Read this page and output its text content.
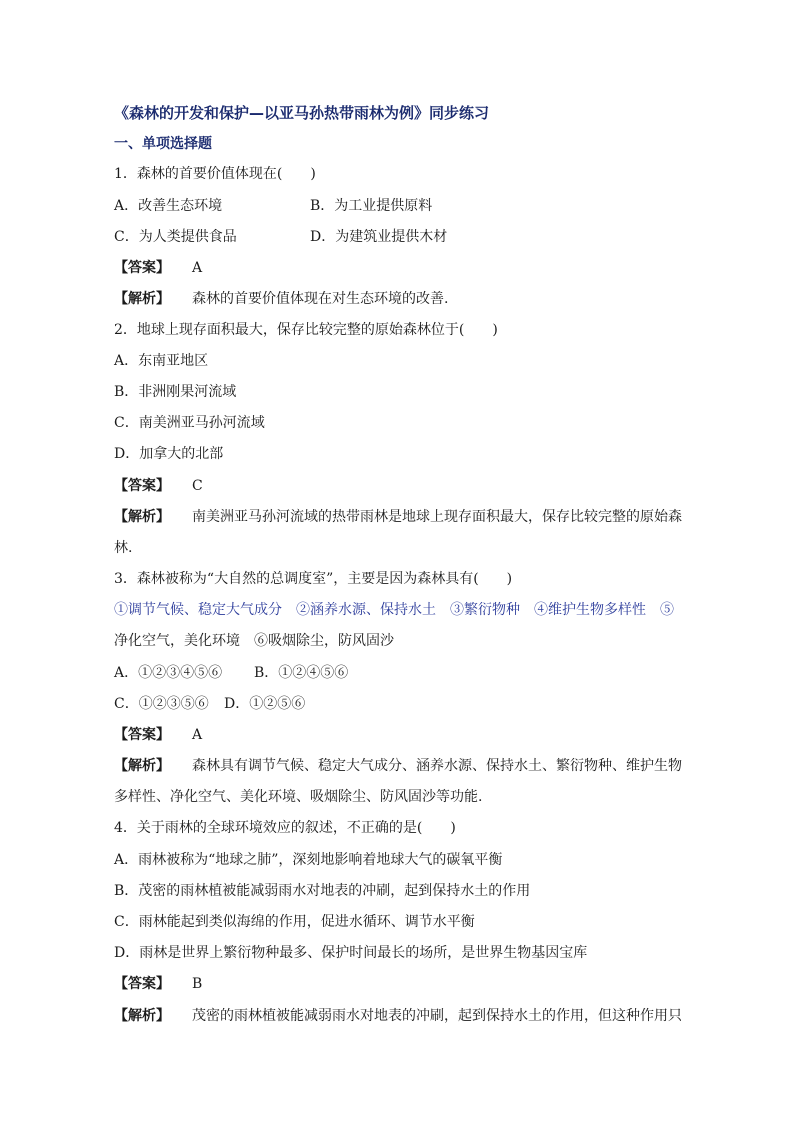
《森林的开发和保护—以亚马孙热带雨林为例》同步练习
一、单项选择题
1．森林的首要价值体现在(　　)
A．改善生态环境	B．为工业提供原料
C．为人类提供食品	D．为建筑业提供木材
【答案】 A
【解析】 森林的首要价值体现在对生态环境的改善.
2．地球上现存面积最大，保存比较完整的原始森林位于(　　)
A．东南亚地区
B．非洲刚果河流域
C．南美洲亚马孙河流域
D．加拿大的北部
【答案】 C
【解析】 南美洲亚马孙河流域的热带雨林是地球上现存面积最大，保存比较完整的原始森
林.
3．森林被称为“大自然的总调度室”，主要是因为森林具有(　　)
①调节气候、稳定大气成分　②涵养水源、保持水土　③繁衍物种　④维护生物多样性　⑤
净化空气，美化环境　⑥吸烟除尘，防风固沙
A．①②③④⑤⑥ B．①②④⑤⑥
C．①②③⑤⑥ D．①②⑤⑥
【答案】 A
【解析】 森林具有调节气候、稳定大气成分、涵养水源、保持水土、繁衍物种、维护生物
多样性、净化空气、美化环境、吸烟除尘、防风固沙等功能.
4．关于雨林的全球环境效应的叙述，不正确的是(　　)
A．雨林被称为“地球之肺”，深刻地影响着地球大气的碳氧平衡
B．茂密的雨林植被能减弱雨水对地表的冲刷，起到保持水土的作用
C．雨林能起到类似海绵的作用，促进水循环、调节水平衡
D．雨林是世界上繁衍物种最多、保护时间最长的场所，是世界生物基因宝库
【答案】 B
【解析】 茂密的雨林植被能减弱雨水对地表的冲刷，起到保持水土的作用，但这种作用只
